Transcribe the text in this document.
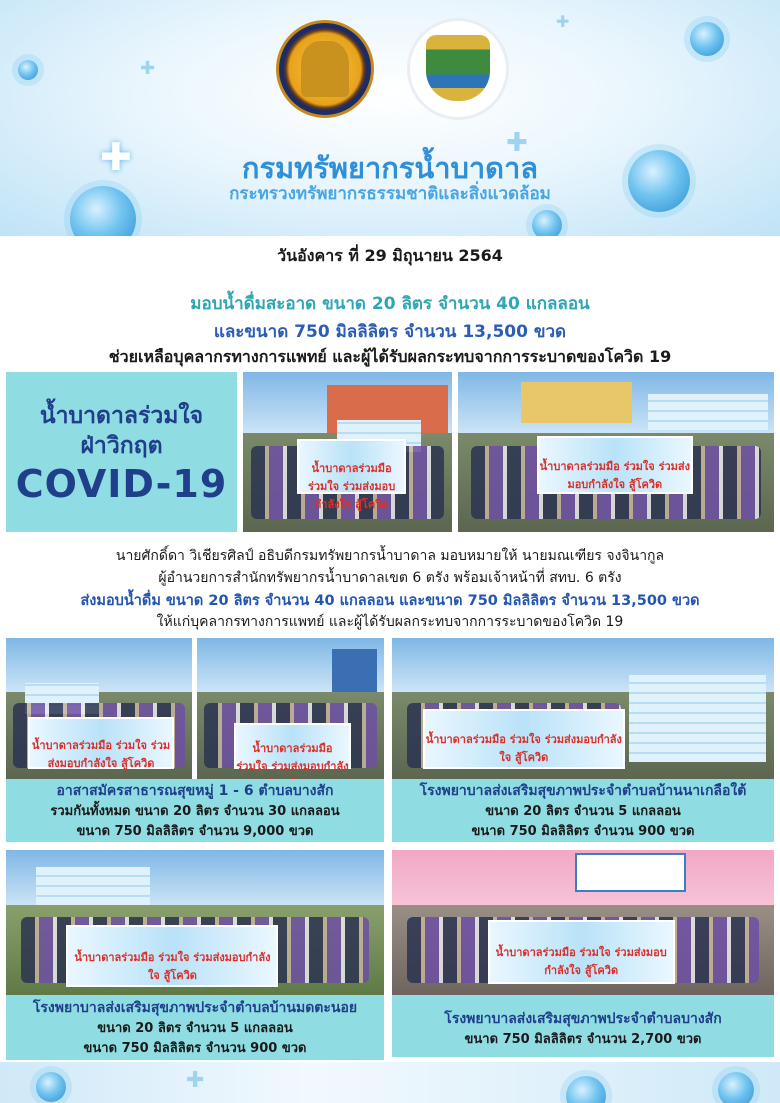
✚
✚
✚
✚
กรมทรัพยากรน้ำบาดาล
กระทรวงทรัพยากรธรรมชาติและสิ่งแวดล้อม
วันอังคาร ที่ 29 มิถุนายน 2564
มอบน้ำดื่มสะอาด ขนาด 20 ลิตร จำนวน 40 แกลลอน
และขนาด 750 มิลลิลิตร จำนวน 13,500 ขวด
ช่วยเหลือบุคลากรทางการแพทย์ และผู้ได้รับผลกระทบจากการระบาดของโควิด 19
น้ำบาดาลร่วมใจ
ฝ่าวิกฤต
COVID-19	น้ำบาดาลร่วมมือ ร่วมใจ ร่วมส่งมอบกำลังใจ สู้โควิด
น้ำบาดาลร่วมมือ ร่วมใจ ร่วมส่งมอบกำลังใจ สู้โควิด
นายศักดิ์ดา วิเชียรศิลป์ อธิบดีกรมทรัพยากรน้ำบาดาล มอบหมายให้ นายมณเฑียร จงจินากูล
ผู้อำนวยการสำนักทรัพยากรน้ำบาดาลเขต 6 ตรัง พร้อมเจ้าหน้าที่ สทบ. 6 ตรัง
ส่งมอบน้ำดื่ม ขนาด 20 ลิตร จำนวน 40 แกลลอน และขนาด 750 มิลลิลิตร จำนวน 13,500 ขวด
ให้แก่บุคลากรทางการแพทย์ และผู้ได้รับผลกระทบจากการระบาดของโควิด 19
น้ำบาดาลร่วมมือ ร่วมใจ ร่วมส่งมอบกำลังใจ สู้โควิด
น้ำบาดาลร่วมมือ ร่วมใจ ร่วมส่งมอบกำลัง
น้ำบาดาลร่วมมือ ร่วมใจ ร่วมส่งมอบกำลังใจ สู้โควิด
อาสาสมัครสาธารณสุขหมู่ 1 - 6 ตำบลบางสัก
รวมกันทั้งหมด ขนาด 20 ลิตร จำนวน 30 แกลลอน
ขนาด 750 มิลลิลิตร จำนวน 9,000 ขวด
โรงพยาบาลส่งเสริมสุขภาพประจำตำบลบ้านนาเกลือใต้
ขนาด 20 ลิตร จำนวน 5 แกลลอน
ขนาด 750 มิลลิลิตร จำนวน 900 ขวด
น้ำบาดาลร่วมมือ ร่วมใจ ร่วมส่งมอบกำลังใจ สู้โควิด
น้ำบาดาลร่วมมือ ร่วมใจ ร่วมส่งมอบกำลังใจ สู้โควิด
โรงพยาบาลส่งเสริมสุขภาพประจำตำบลบ้านมดตะนอย
ขนาด 20 ลิตร จำนวน 5 แกลลอน
ขนาด 750 มิลลิลิตร จำนวน 900 ขวด
โรงพยาบาลส่งเสริมสุขภาพประจำตำบลบางสัก
ขนาด 750 มิลลิลิตร จำนวน 2,700 ขวด
✚
